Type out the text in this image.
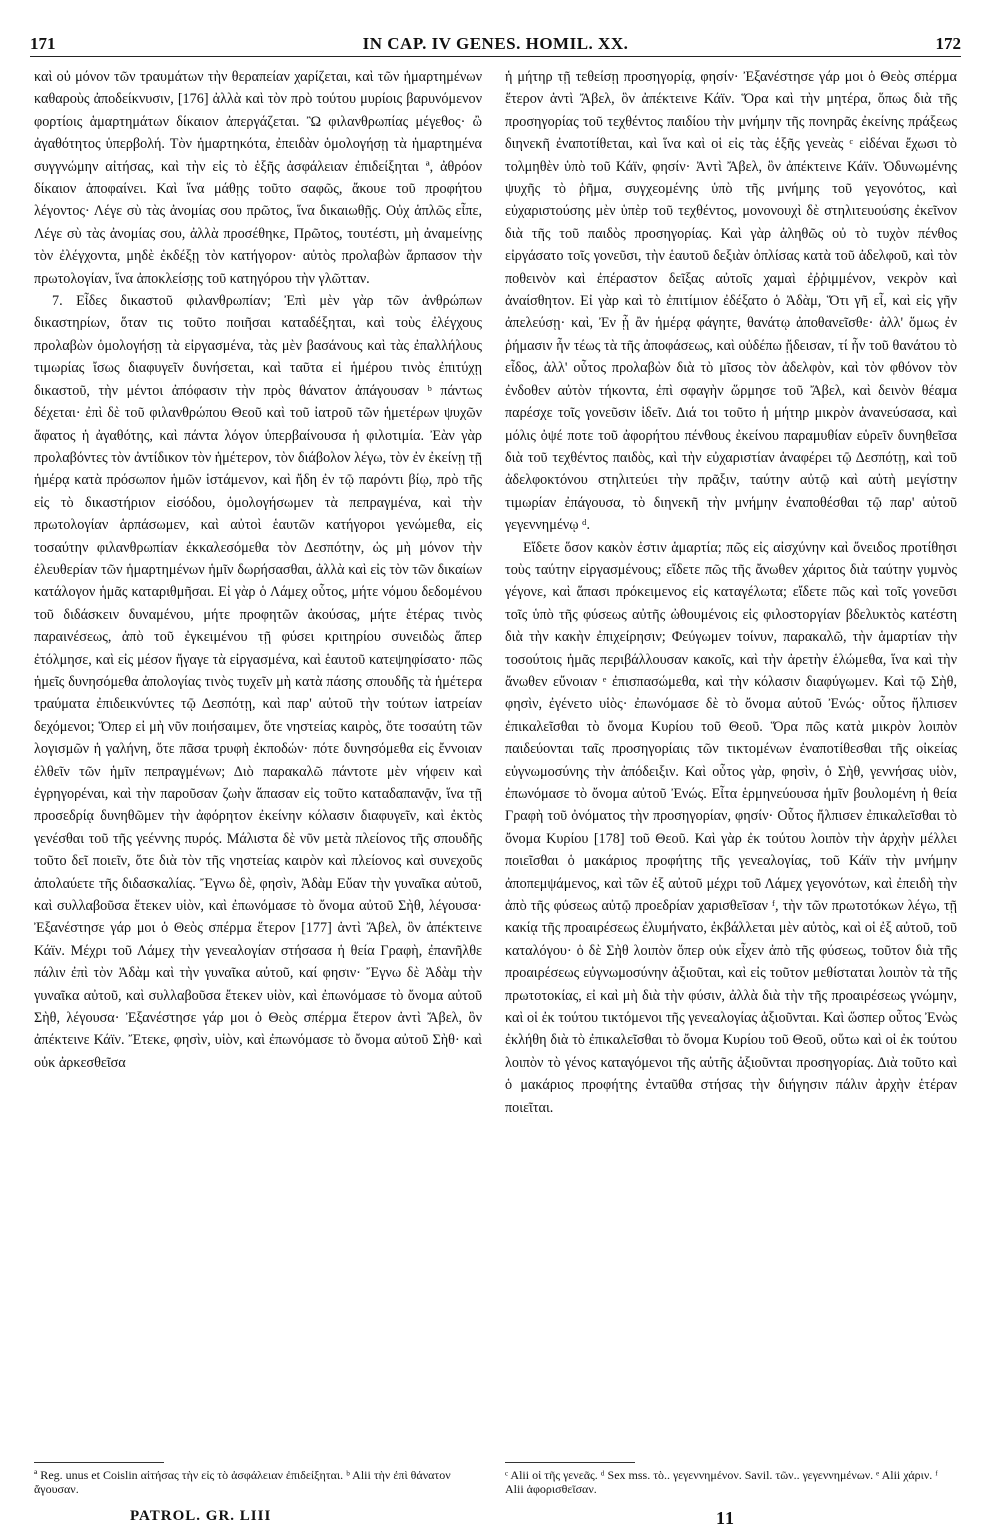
171	IN CAP. IV GENES. HOMIL. XX.	172

καὶ οὐ μόνον τῶν τραυμάτων τὴν θεραπείαν χαρίζεται, καὶ τῶν ἡμαρτημένων καθαροὺς ἀποδείκνυσιν, [176] ἀλλὰ καὶ τὸν πρὸ τούτου μυρίοις βαρυνόμενον φορτίοις ἁμαρτημάτων δίκαιον ἀπεργάζεται. Ὢ φιλανθρωπίας μέγεθος· ὢ ἀγαθότητος ὑπερβολή. Τὸν ἡμαρτηκότα, ἐπειδὰν ὁμολογήσῃ τὰ ἡμαρτημένα συγγνώμην αἰτήσας, καὶ τὴν εἰς τὸ ἑξῆς ἀσφάλειαν ἐπιδείξηται ª, ἀθρόον δίκαιον ἀποφαίνει. Καὶ ἵνα μάθῃς τοῦτο σαφῶς, ἄκουε τοῦ προφήτου λέγοντος· Λέγε σὺ τὰς ἀνομίας σου πρῶτος, ἵνα δικαιωθῇς. Οὐχ ἁπλῶς εἶπε, Λέγε σὺ τὰς ἀνομίας σου, ἀλλὰ προσέθηκε, Πρῶτος, τουτέστι, μὴ ἀναμείνῃς τὸν ἐλέγχοντα, μηδὲ ἐκδέξῃ τὸν κατήγορον· αὐτὸς προλαβὼν ἅρπασον τὴν πρωτολογίαν, ἵνα ἀποκλείσῃς τοῦ κατηγόρου τὴν γλῶτταν.

7. Εἶδες δικαστοῦ φιλανθρωπίαν; Ἐπὶ μὲν γὰρ τῶν ἀνθρώπων δικαστηρίων, ὅταν τις τοῦτο ποιῆσαι καταδέξηται, καὶ τοὺς ἐλέγχους προλαβὼν ὁμολογήσῃ τὰ εἰργασμένα, τὰς μὲν βασάνους καὶ τὰς ἐπαλλήλους τιμωρίας ἴσως διαφυγεῖν δυνήσεται, καὶ ταῦτα εἰ ἡμέρου τινὸς ἐπιτύχῃ δικαστοῦ, τὴν μέντοι ἀπόφασιν τὴν πρὸς θάνατον ἀπάγουσαν ᵇ πάντως δέχεται· ἐπὶ δὲ τοῦ φιλανθρώπου Θεοῦ καὶ τοῦ ἰατροῦ τῶν ἡμετέρων ψυχῶν ἄφατος ἡ ἀγαθότης, καὶ πάντα λόγον ὑπερβαίνουσα ἡ φιλοτιμία. Ἐὰν γὰρ προλαβόντες τὸν ἀντίδικον τὸν ἡμέτερον, τὸν διάβολον λέγω, τὸν ἐν ἐκείνῃ τῇ ἡμέρᾳ κατὰ πρόσωπον ἡμῶν ἱστάμενον, καὶ ἤδη ἐν τῷ παρόντι βίῳ, πρὸ τῆς εἰς τὸ δικαστήριον εἰσόδου, ὁμολογήσωμεν τὰ πεπραγμένα, καὶ τὴν πρωτολογίαν ἁρπάσωμεν, καὶ αὐτοὶ ἑαυτῶν κατήγοροι γενώμεθα, εἰς τοσαύτην φιλανθρωπίαν ἐκκαλεσόμεθα τὸν Δεσπότην, ὡς μὴ μόνον τὴν ἐλευθερίαν τῶν ἡμαρτημένων ἡμῖν δωρήσασθαι, ἀλλὰ καὶ εἰς τὸν τῶν δικαίων κατάλογον ἡμᾶς καταριθμῆσαι. Εἰ γὰρ ὁ Λάμεχ οὗτος, μήτε νόμου δεδομένου τοῦ διδάσκειν δυναμένου, μήτε προφητῶν ἀκούσας, μήτε ἑτέρας τινὸς παραινέσεως, ἀπὸ τοῦ ἐγκειμένου τῇ φύσει κριτηρίου συνειδὼς ἅπερ ἐτόλμησε, καὶ εἰς μέσον ἤγαγε τὰ εἰργασμένα, καὶ ἑαυτοῦ κατεψηφίσατο· πῶς ἡμεῖς δυνησόμεθα ἀπολογίας τινὸς τυχεῖν μὴ κατὰ πάσης σπουδῆς τὰ ἡμέτερα τραύματα ἐπιδεικνύντες τῷ Δεσπότῃ, καὶ παρ' αὐτοῦ τὴν τούτων ἰατρείαν δεχόμενοι; Ὅπερ εἰ μὴ νῦν ποιήσαιμεν, ὅτε νηστείας καιρὸς, ὅτε τοσαύτη τῶν λογισμῶν ἡ γαλήνη, ὅτε πᾶσα τρυφὴ ἐκποδών· πότε δυνησόμεθα εἰς ἔννοιαν ἐλθεῖν τῶν ἡμῖν πεπραγμένων; Διὸ παρακαλῶ πάντοτε μὲν νήφειν καὶ ἐγρηγορέναι, καὶ τὴν παροῦσαν ζωὴν ἅπασαν εἰς τοῦτο καταδαπανᾷν, ἵνα τῇ προσεδρίᾳ δυνηθῶμεν τὴν ἀφόρητον ἐκείνην κόλασιν διαφυγεῖν, καὶ ἐκτὸς γενέσθαι τοῦ τῆς γεέννης πυρός. Μάλιστα δὲ νῦν μετὰ πλείονος τῆς σπουδῆς τοῦτο δεῖ ποιεῖν, ὅτε διὰ τὸν τῆς νηστείας καιρὸν καὶ πλείονος καὶ συνεχοῦς ἀπολαύετε τῆς διδασκαλίας. Ἔγνω δὲ, φησὶν, Ἀδὰμ Εὔαν τὴν γυναῖκα αὐτοῦ, καὶ συλλαβοῦσα ἔτεκεν υἱὸν, καὶ ἐπωνόμασε τὸ ὄνομα αὐτοῦ Σὴθ, λέγουσα· Ἐξανέστησε γάρ μοι ὁ Θεὸς σπέρμα ἕτερον [177] ἀντὶ Ἄβελ, ὃν ἀπέκτεινε Κάϊν. Μέχρι τοῦ Λάμεχ τὴν γενεαλογίαν στήσασα ἡ θεία Γραφὴ, ἐπανῆλθε πάλιν ἐπὶ τὸν Ἀδὰμ καὶ τὴν γυναῖκα αὐτοῦ, καί φησιν· Ἔγνω δὲ Ἀδὰμ τὴν γυναῖκα αὐτοῦ, καὶ συλλαβοῦσα ἔτεκεν υἱὸν, καὶ ἐπωνόμασε τὸ ὄνομα αὐτοῦ Σὴθ, λέγουσα· Ἐξανέστησε γάρ μοι ὁ Θεὸς σπέρμα ἕτερον ἀντὶ Ἄβελ, ὃν ἀπέκτεινε Κάϊν. Ἔτεκε, φησὶν, υἱὸν, καὶ ἐπωνόμασε τὸ ὄνομα αὐτοῦ Σὴθ· καὶ οὐκ ἀρκεσθεῖσα

ἡ μήτηρ τῇ τεθείσῃ προσηγορίᾳ, φησίν· Ἐξανέστησε γάρ μοι ὁ Θεὸς σπέρμα ἕτερον ἀντὶ Ἄβελ, ὃν ἀπέκτεινε Κάϊν. Ὅρα καὶ τὴν μητέρα, ὅπως διὰ τῆς προσηγορίας τοῦ τεχθέντος παιδίου τὴν μνήμην τῆς πονηρᾶς ἐκείνης πράξεως διηνεκῆ ἐναποτίθεται, καὶ ἵνα καὶ οἱ εἰς τὰς ἑξῆς γενεὰς ᶜ εἰδέναι ἔχωσι τὸ τολμηθὲν ὑπὸ τοῦ Κάϊν, φησίν· Ἀντὶ Ἄβελ, ὃν ἀπέκτεινε Κάϊν. Ὀδυνωμένης ψυχῆς τὸ ῥῆμα, συγχεομένης ὑπὸ τῆς μνήμης τοῦ γεγονότος, καὶ εὐχαριστούσης μὲν ὑπὲρ τοῦ τεχθέντος, μονονουχὶ δὲ στηλιτευούσης ἐκεῖνον διὰ τῆς τοῦ παιδὸς προσηγορίας. Καὶ γὰρ ἀληθῶς οὐ τὸ τυχὸν πένθος εἰργάσατο τοῖς γονεῦσι, τὴν ἑαυτοῦ δεξιὰν ὁπλίσας κατὰ τοῦ ἀδελφοῦ, καὶ τὸν ποθεινὸν καὶ ἐπέραστον δεῖξας αὐτοῖς χαμαὶ ἐῤῥιμμένον, νεκρὸν καὶ ἀναίσθητον. Εἰ γὰρ καὶ τὸ ἐπιτίμιον ἐδέξατο ὁ Ἀδὰμ, Ὅτι γῆ εἶ, καὶ εἰς γῆν ἀπελεύσῃ· καὶ, Ἐν ᾗ ἂν ἡμέρᾳ φάγητε, θανάτῳ ἀποθανεῖσθε· ἀλλ' ὅμως ἐν ῥήμασιν ἦν τέως τὰ τῆς ἀποφάσεως, καὶ οὐδέπω ᾔδεισαν, τί ἦν τοῦ θανάτου τὸ εἶδος, ἀλλ' οὗτος προλαβὼν διὰ τὸ μῖσος τὸν ἀδελφὸν, καὶ τὸν φθόνον τὸν ἐνδοθεν αὐτὸν τήκοντα, ἐπὶ σφαγὴν ὥρμησε τοῦ Ἄβελ, καὶ δεινὸν θέαμα παρέσχε τοῖς γονεῦσιν ἰδεῖν. Διά τοι τοῦτο ἡ μήτηρ μικρὸν ἀνανεύσασα, καὶ μόλις ὀψέ ποτε τοῦ ἀφορήτου πένθους ἐκείνου παραμυθίαν εὑρεῖν δυνηθεῖσα διὰ τοῦ τεχθέντος παιδὸς, καὶ τὴν εὐχαριστίαν ἀναφέρει τῷ Δεσπότῃ, καὶ τοῦ ἀδελφοκτόνου στηλιτεύει τὴν πρᾶξιν, ταύτην αὐτῷ καὶ αὐτὴ μεγίστην τιμωρίαν ἐπάγουσα, τὸ διηνεκῆ τὴν μνήμην ἐναποθέσθαι τῷ παρ' αὐτοῦ γεγεννημένῳ ᵈ.

Εἴδετε ὅσον κακὸν ἐστιν ἁμαρτία; πῶς εἰς αἰσχύνην καὶ ὄνειδος προτίθησι τοὺς ταύτην εἰργασμένους; εἴδετε πῶς τῆς ἄνωθεν χάριτος διὰ ταύτην γυμνὸς γέγονε, καὶ ἅπασι πρόκειμενος εἰς καταγέλωτα; εἴδετε πῶς καὶ τοῖς γονεῦσι τοῖς ὑπὸ τῆς φύσεως αὐτῆς ὠθουμένοις εἰς φιλοστοργίαν βδελυκτὸς κατέστη διὰ τὴν κακὴν ἐπιχείρησιν; Φεύγωμεν τοίνυν, παρακαλῶ, τὴν ἁμαρτίαν τὴν τοσούτοις ἡμᾶς περιβάλλουσαν κακοῖς, καὶ τὴν ἀρετὴν ἑλώμεθα, ἵνα καὶ τὴν ἄνωθεν εὔνοιαν ᵉ ἐπισπασώμεθα, καὶ τὴν κόλασιν διαφύγωμεν. Καὶ τῷ Σὴθ, φησὶν, ἐγένετο υἱὸς· ἐπωνόμασε δὲ τὸ ὄνομα αὐτοῦ Ἐνώς· οὗτος ἤλπισεν ἐπικαλεῖσθαι τὸ ὄνομα Κυρίου τοῦ Θεοῦ. Ὅρα πῶς κατὰ μικρὸν λοιπὸν παιδεύονται ταῖς προσηγορίαις τῶν τικτομένων ἐναποτίθεσθαι τῆς οἰκείας εὐγνωμοσύνης τὴν ἀπόδειξιν. Καὶ οὗτος γὰρ, φησὶν, ὁ Σὴθ, γεννήσας υἱὸν, ἐπωνόμασε τὸ ὄνομα αὐτοῦ Ἐνώς. Εἶτα ἑρμηνεύουσα ἡμῖν βουλομένη ἡ θεία Γραφὴ τοῦ ὀνόματος τὴν προσηγορίαν, φησίν· Οὗτος ἤλπισεν ἐπικαλεῖσθαι τὸ ὄνομα Κυρίου [178] τοῦ Θεοῦ. Καὶ γὰρ ἐκ τούτου λοιπὸν τὴν ἀρχὴν μέλλει ποιεῖσθαι ὁ μακάριος προφήτης τῆς γενεαλογίας, τοῦ Κάϊν τὴν μνήμην ἀποπεμψάμενος, καὶ τῶν ἐξ αὐτοῦ μέχρι τοῦ Λάμεχ γεγονότων, καὶ ἐπειδὴ τὴν ἀπὸ τῆς φύσεως αὐτῷ προεδρίαν χαρισθεῖσαν ᶠ, τὴν τῶν πρωτοτόκων λέγω, τῇ κακίᾳ τῆς προαιρέσεως ἐλυμήνατο, ἐκβάλλεται μὲν αὐτὸς, καὶ οἱ ἐξ αὐτοῦ, τοῦ καταλόγου· ὁ δὲ Σὴθ λοιπὸν ὅπερ οὐκ εἶχεν ἀπὸ τῆς φύσεως, τοῦτον διὰ τῆς προαιρέσεως εὐγνωμοσύνην ἀξιοῦται, καὶ εἰς τοῦτον μεθίσταται λοιπὸν τὰ τῆς πρωτοτοκίας, εἰ καὶ μὴ διὰ τὴν φύσιν, ἀλλὰ διὰ τὴν τῆς προαιρέσεως γνώμην, καὶ οἱ ἐκ τούτου τικτόμενοι τῆς γενεαλογίας ἀξιοῦνται. Καὶ ὥσπερ οὗτος Ἐνὼς ἐκλήθη διὰ τὸ ἐπικαλεῖσθαι τὸ ὄνομα Κυρίου τοῦ Θεοῦ, οὕτω καὶ οἱ ἐκ τούτου λοιπὸν τὸ γένος καταγόμενοι τῆς αὐτῆς ἀξιοῦνται προσηγορίας. Διὰ τοῦτο καὶ ὁ μακάριος προφήτης ἐνταῦθα στήσας τὴν διήγησιν πάλιν ἀρχὴν ἑτέραν ποιεῖται.

ª Reg. unus et Coislin αἰτήσας τὴν εἰς τὸ ἀσφάλειαν ἐπιδείξηται. ᵇ Alii τὴν ἐπὶ θάνατον ἄγουσαν.
ᶜ Alii οἱ τῆς γενεᾶς. ᵈ Sex mss. τὸ.. γεγεννημένον. Savil. τῶν.. γεγεννημένων. ᵉ Alii χάριν. ᶠ Alii ἀφορισθεῖσαν.
PATROL. GR. LIII	11
